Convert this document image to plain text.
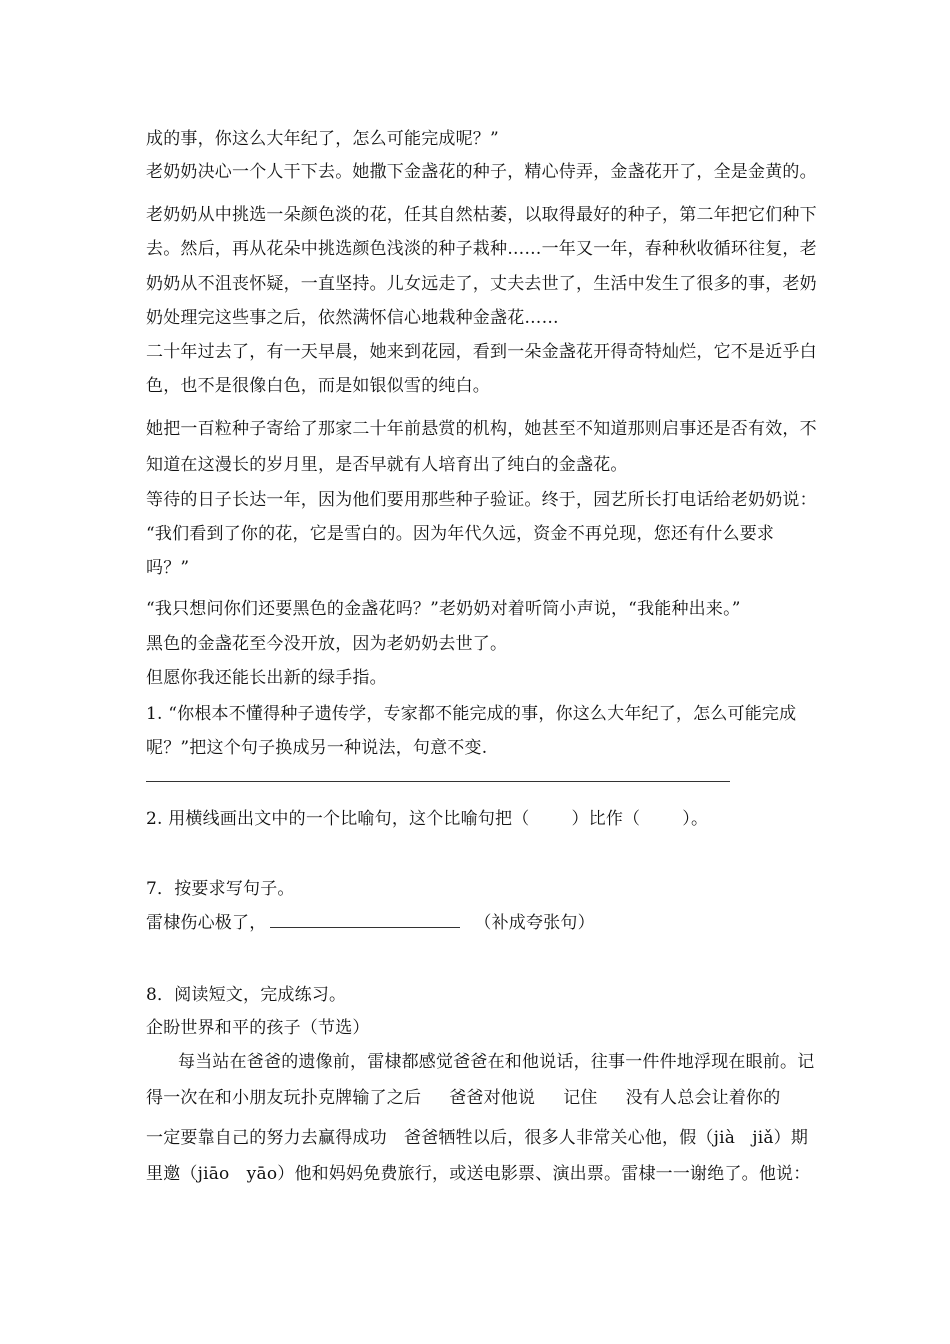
成的事，你这么大年纪了，怎么可能完成呢？”
老奶奶决心一个人干下去。她撒下金盏花的种子，精心侍弄，金盏花开了，全是金黄的。
老奶奶从中挑选一朵颜色淡的花，任其自然枯萎，以取得最好的种子，第二年把它们种下
去。然后，再从花朵中挑选颜色浅淡的种子栽种……一年又一年，春种秋收循环往复，老
奶奶从不沮丧怀疑，一直坚持。儿女远走了，丈夫去世了，生活中发生了很多的事，老奶
奶处理完这些事之后，依然满怀信心地栽种金盏花……
二十年过去了，有一天早晨，她来到花园，看到一朵金盏花开得奇特灿烂，它不是近乎白
色，也不是很像白色，而是如银似雪的纯白。
她把一百粒种子寄给了那家二十年前悬赏的机构，她甚至不知道那则启事还是否有效，不
知道在这漫长的岁月里，是否早就有人培育出了纯白的金盏花。
等待的日子长达一年，因为他们要用那些种子验证。终于，园艺所长打电话给老奶奶说：
“我们看到了你的花，它是雪白的。因为年代久远，资金不再兑现，您还有什么要求
吗？”
“我只想问你们还要黑色的金盏花吗？”老奶奶对着听筒小声说，“我能种出来。”
黑色的金盏花至今没开放，因为老奶奶去世了。
但愿你我还能长出新的绿手指。
1. “你根本不懂得种子遗传学，专家都不能完成的事，你这么大年纪了，怎么可能完成
呢？”把这个句子换成另一种说法，句意不变.
2. 用横线画出文中的一个比喻句，这个比喻句把（ ）比作（ ）。
7．按要求写句子。
雷棣伤心极了，	（补成夸张句）
8．阅读短文，完成练习。
企盼世界和平的孩子（节选）
每当站在爸爸的遗像前，雷棣都感觉爸爸在和他说话，往事一件件地浮现在眼前。记
得一次在和小朋友玩扑克牌输了之后 爸爸对他说 记住 没有人总会让着你的
一定要靠自己的努力去赢得成功　爸爸牺牲以后，很多人非常关心他，假（jià　jiǎ）期
里邀（jiāo　yāo）他和妈妈免费旅行，或送电影票、演出票。雷棣一一谢绝了。他说：
